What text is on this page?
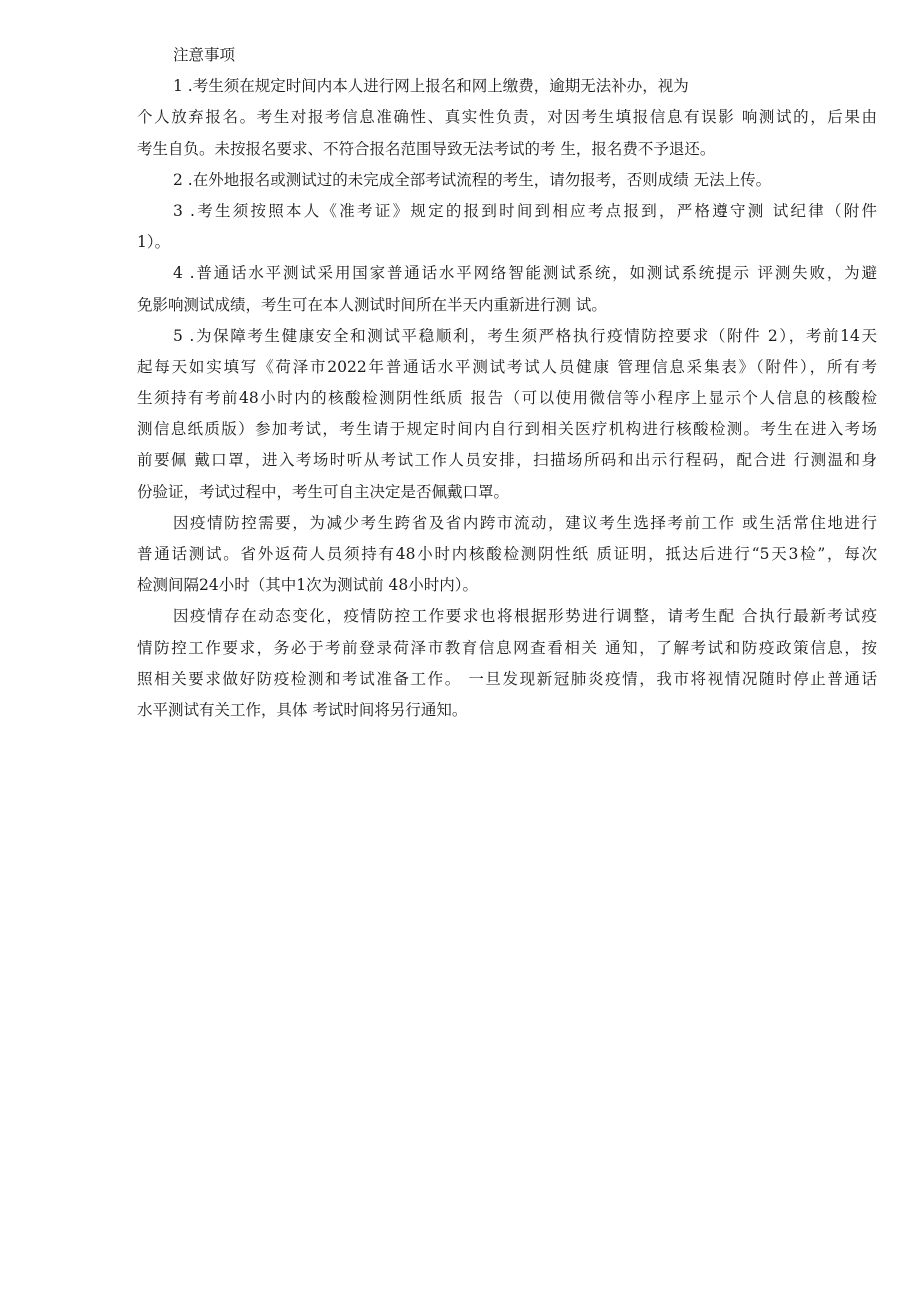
注意事项
1 .考生须在规定时间内本人进行网上报名和网上缴费，逾期无法补办，视为
个人放弃报名。考生对报考信息准确性、真实性负责，对因考生填报信息有误影 响测试的，后果由
考生自负。未按报名要求、不符合报名范围导致无法考试的考 生，报名费不予退还。
2 .在外地报名或测试过的未完成全部考试流程的考生，请勿报考，否则成绩 无法上传。
3 .考生须按照本人《准考证》规定的报到时间到相应考点报到，严格遵守测 试纪律（附件
1）。
4 .普通话水平测试采用国家普通话水平网络智能测试系统，如测试系统提示 评测失败，为避
免影响测试成绩，考生可在本人测试时间所在半天内重新进行测 试。
5 .为保障考生健康安全和测试平稳顺利，考生须严格执行疫情防控要求（附件 2），考前14天
起每天如实填写《荷泽市2022年普通话水平测试考试人员健康 管理信息采集表》（附件），所有考
生须持有考前48小时内的核酸检测阴性纸质 报告（可以使用微信等小程序上显示个人信息的核酸检
测信息纸质版）参加考试，考生请于规定时间内自行到相关医疗机构进行核酸检测。考生在进入考场
前要佩 戴口罩，进入考场时听从考试工作人员安排，扫描场所码和出示行程码，配合进 行测温和身
份验证，考试过程中，考生可自主决定是否佩戴口罩。
因疫情防控需要，为减少考生跨省及省内跨市流动，建议考生选择考前工作 或生活常住地进行
普通话测试。省外返荷人员须持有48小时内核酸检测阴性纸 质证明，抵达后进行“5天3检”，每次
检测间隔24小时（其中1次为测试前 48小时内）。
因疫情存在动态变化，疫情防控工作要求也将根据形势进行调整，请考生配 合执行最新考试疫
情防控工作要求，务必于考前登录荷泽市教育信息网查看相关 通知，了解考试和防疫政策信息，按
照相关要求做好防疫检测和考试准备工作。 一旦发现新冠肺炎疫情，我市将视情况随时停止普通话
水平测试有关工作，具体 考试时间将另行通知。
